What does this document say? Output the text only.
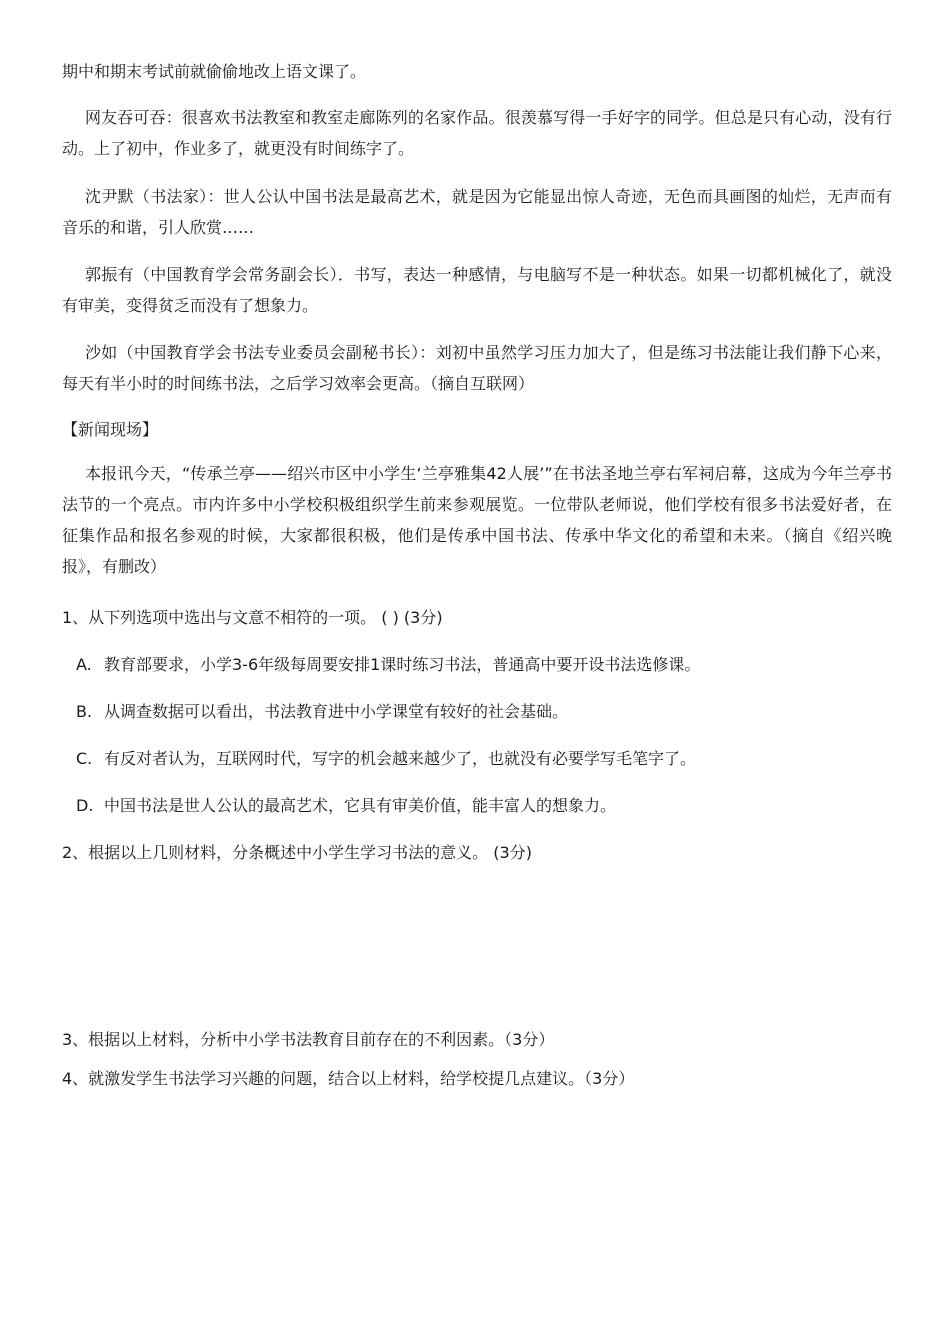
期中和期末考试前就偷偷地改上语文课了。
网友吞可吞：很喜欢书法教室和教室走廊陈列的名家作品。很羡慕写得一手好字的同学。但总是只有心动，没有行动。上了初中，作业多了，就更没有时间练字了。
沈尹默（书法家）：世人公认中国书法是最高艺术，就是因为它能显出惊人奇迹，无色而具画图的灿烂，无声而有音乐的和谐，引人欣赏……
郭振有（中国教育学会常务副会长）．书写，表达一种感情，与电脑写不是一种状态。如果一切都机械化了，就没有审美，变得贫乏而没有了想象力。
沙如（中国教育学会书法专业委员会副秘书长）：刘初中虽然学习压力加大了，但是练习书法能让我们静下心来，每天有半小时的时间练书法，之后学习效率会更高。（摘自互联网）
【新闻现场】
本报讯今天，“传承兰亭——绍兴市区中小学生‘兰亭雅集42人展’”在书法圣地兰亭右军祠启幕，这成为今年兰亭书法节的一个亮点。市内许多中小学校积极组织学生前来参观展览。一位带队老师说，他们学校有很多书法爱好者，在征集作品和报名参观的时候，大家都很积极，他们是传承中国书法、传承中华文化的希望和未来。（摘自《绍兴晚报》，有删改）
1、从下列选项中选出与文意不相符的一项。 ( ) (3分)
A. 教育部要求，小学3-6年级每周要安排1课时练习书法，普通高中要开设书法选修课。
B. 从调查数据可以看出，书法教育进中小学课堂有较好的社会基础。
C. 有反对者认为，互联网时代，写字的机会越来越少了，也就没有必要学写毛笔字了。
D. 中国书法是世人公认的最高艺术，它具有审美价值，能丰富人的想象力。
2、根据以上几则材料，分条概述中小学生学习书法的意义。 (3分)
3、根据以上材料，分析中小学书法教育目前存在的不利因素。（3分）
4、就激发学生书法学习兴趣的问题，结合以上材料，给学校提几点建议。（3分）
